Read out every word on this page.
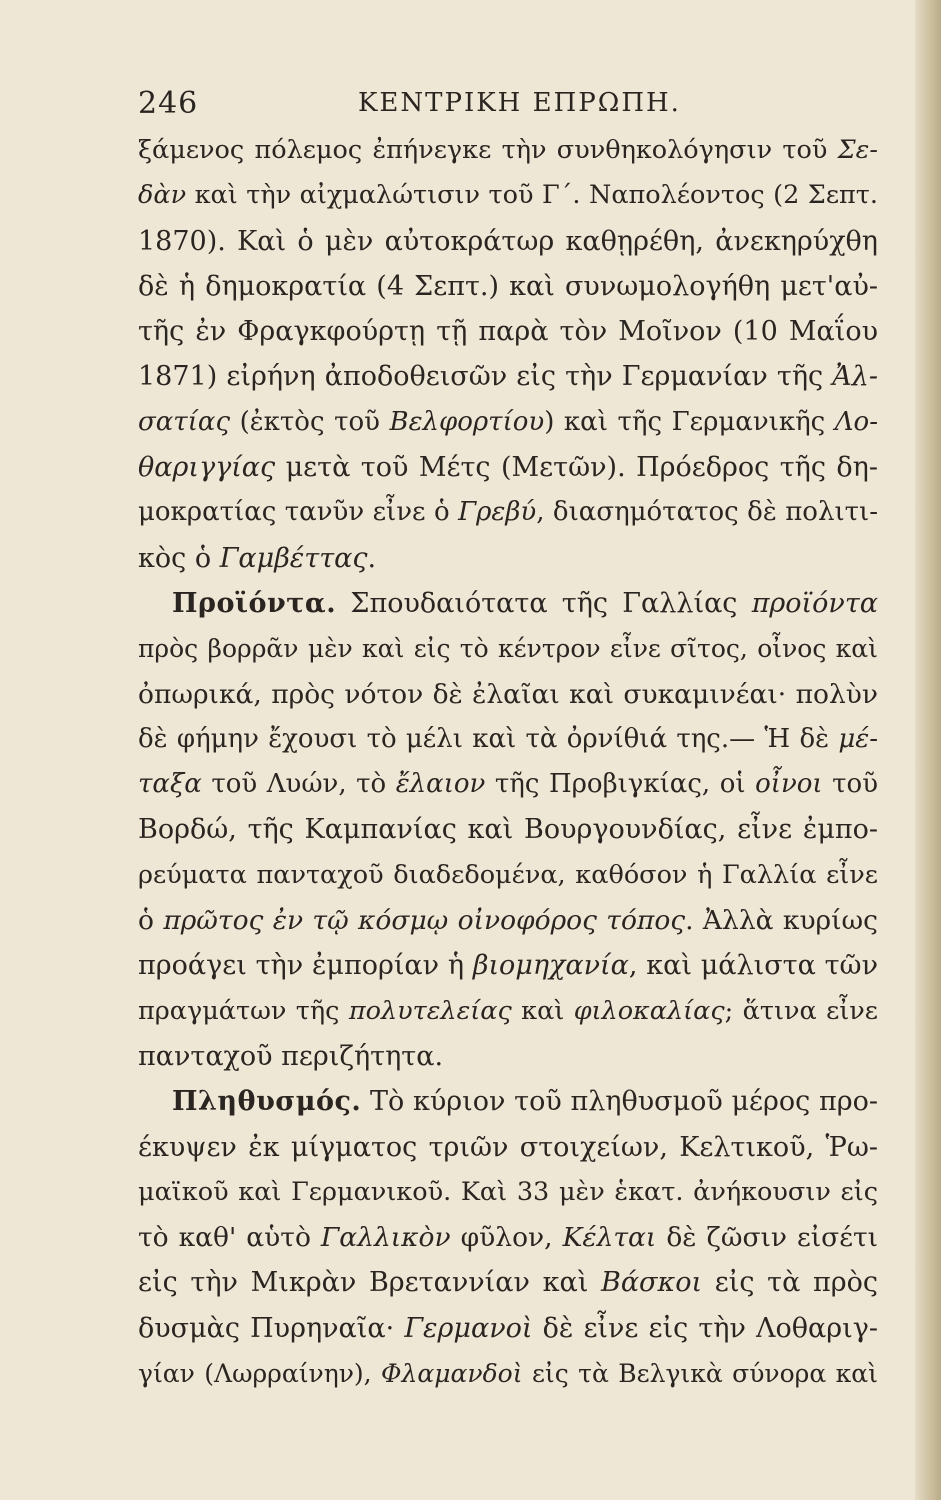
246	ΚΕΝΤΡΙΚΗ ΕΠΡΩΠΗ.
ξάμενος πόλεμος ἐπήνεγκε τὴν συνθηκολόγησιν τοῦ Σε-
δὰν καὶ τὴν αἰχμαλώτισιν τοῦ Γ΄. Ναπολέοντος (2 Σεπτ.
1870). Καὶ ὁ μὲν αὐτοκράτωρ καθῃρέθη, ἀνεκηρύχθη
δὲ ἡ δημοκρατία (4 Σεπτ.) καὶ συνωμολογήθη μετ'αὐ-
τῆς ἐν Φραγκφούρτῃ τῇ παρὰ τὸν Μοῖνον (10 Μαΐου
1871) εἰρήνη ἀποδοθεισῶν εἰς τὴν Γερμανίαν τῆς Ἀλ-
σατίας (ἐκτὸς τοῦ Βελφορτίου) καὶ τῆς Γερμανικῆς Λο-
θαριγγίας μετὰ τοῦ Μέτς (Μετῶν). Πρόεδρος τῆς δη-
μοκρατίας τανῦν εἶνε ὁ Γρεβύ, διασημότατος δὲ πολιτι-
κὸς ὁ Γαμβέττας.
Προϊόντα. Σπουδαιότατα τῆς Γαλλίας προϊόντα
πρὸς βορρᾶν μὲν καὶ εἰς τὸ κέντρον εἶνε σῖτος, οἶνος καὶ
ὀπωρικά, πρὸς νότον δὲ ἐλαῖαι καὶ συκαμινέαι· πολὺν
δὲ φήμην ἔχουσι τὸ μέλι καὶ τὰ ὀρνίθιά της.— Ἡ δὲ μέ-
ταξα τοῦ Λυών, τὸ ἔλαιον τῆς Προβιγκίας, οἱ οἶνοι τοῦ
Βορδώ, τῆς Καμπανίας καὶ Βουργουνδίας, εἶνε ἐμπο-
ρεύματα πανταχοῦ διαδεδομένα, καθόσον ἡ Γαλλία εἶνε
ὁ πρῶτος ἐν τῷ κόσμῳ οἰνοφόρος τόπος. Ἀλλὰ κυρίως
προάγει τὴν ἐμπορίαν ἡ βιομηχανία, καὶ μάλιστα τῶν
πραγμάτων τῆς πολυτελείας καὶ φιλοκαλίας; ἅτινα εἶνε
πανταχοῦ περιζήτητα.
Πληθυσμός. Τὸ κύριον τοῦ πληθυσμοῦ μέρος προ-
έκυψεν ἐκ μίγματος τριῶν στοιχείων, Κελτικοῦ, Ῥω-
μαϊκοῦ καὶ Γερμανικοῦ. Καὶ 33 μὲν ἑκατ. ἀνήκουσιν εἰς
τὸ καθ' αὑτὸ Γαλλικὸν φῦλον, Κέλται δὲ ζῶσιν εἰσέτι
εἰς τὴν Μικρὰν Βρεταννίαν καὶ Βάσκοι εἰς τὰ πρὸς
δυσμὰς Πυρηναῖα· Γερμανοὶ δὲ εἶνε εἰς τὴν Λοθαριγ-
γίαν (Λωρραίνην), Φλαμανδοὶ εἰς τὰ Βελγικὰ σύνορα καὶ
